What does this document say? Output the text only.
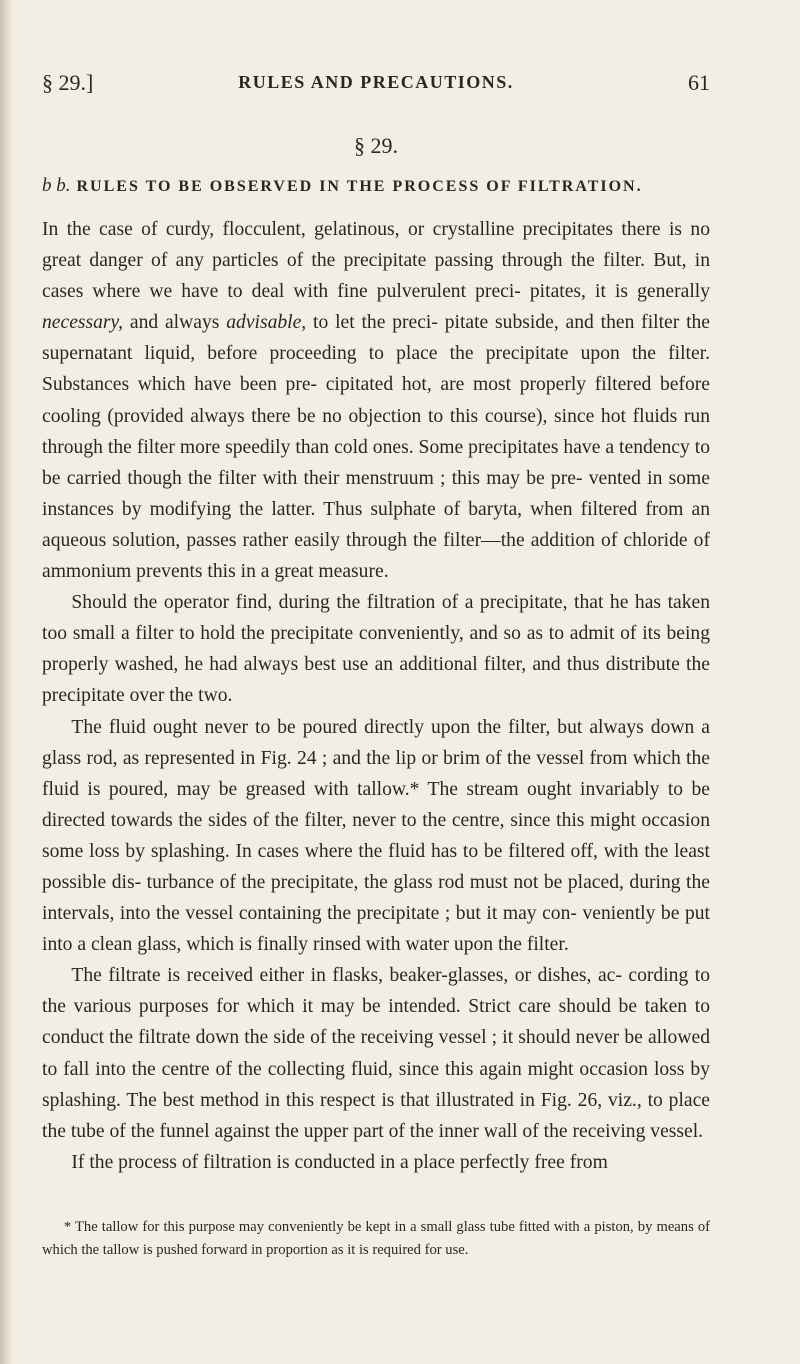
§ 29.]	RULES AND PRECAUTIONS.	61
§ 29.
b b. RULES TO BE OBSERVED IN THE PROCESS OF FILTRATION.

In the case of curdy, flocculent, gelatinous, or crystalline precipitates there is no great danger of any particles of the precipitate passing through the filter. But, in cases where we have to deal with fine pulverulent preci- pitates, it is generally necessary, and always advisable, to let the preci- pitate subside, and then filter the supernatant liquid, before proceeding to place the precipitate upon the filter. Substances which have been pre- cipitated hot, are most properly filtered before cooling (provided always there be no objection to this course), since hot fluids run through the filter more speedily than cold ones. Some precipitates have a tendency to be carried though the filter with their menstruum ; this may be pre- vented in some instances by modifying the latter. Thus sulphate of baryta, when filtered from an aqueous solution, passes rather easily through the filter—the addition of chloride of ammonium prevents this in a great measure.

Should the operator find, during the filtration of a precipitate, that he has taken too small a filter to hold the precipitate conveniently, and so as to admit of its being properly washed, he had always best use an additional filter, and thus distribute the precipitate over the two.

The fluid ought never to be poured directly upon the filter, but always down a glass rod, as represented in Fig. 24 ; and the lip or brim of the vessel from which the fluid is poured, may be greased with tallow.* The stream ought invariably to be directed towards the sides of the filter, never to the centre, since this might occasion some loss by splashing. In cases where the fluid has to be filtered off, with the least possible dis- turbance of the precipitate, the glass rod must not be placed, during the intervals, into the vessel containing the precipitate ; but it may con- veniently be put into a clean glass, which is finally rinsed with water upon the filter.

The filtrate is received either in flasks, beaker-glasses, or dishes, ac- cording to the various purposes for which it may be intended. Strict care should be taken to conduct the filtrate down the side of the receiving vessel ; it should never be allowed to fall into the centre of the collecting fluid, since this again might occasion loss by splashing. The best method in this respect is that illustrated in Fig. 26, viz., to place the tube of the funnel against the upper part of the inner wall of the receiving vessel.

If the process of filtration is conducted in a place perfectly free from

* The tallow for this purpose may conveniently be kept in a small glass tube fitted with a piston, by means of which the tallow is pushed forward in proportion as it is required for use.
